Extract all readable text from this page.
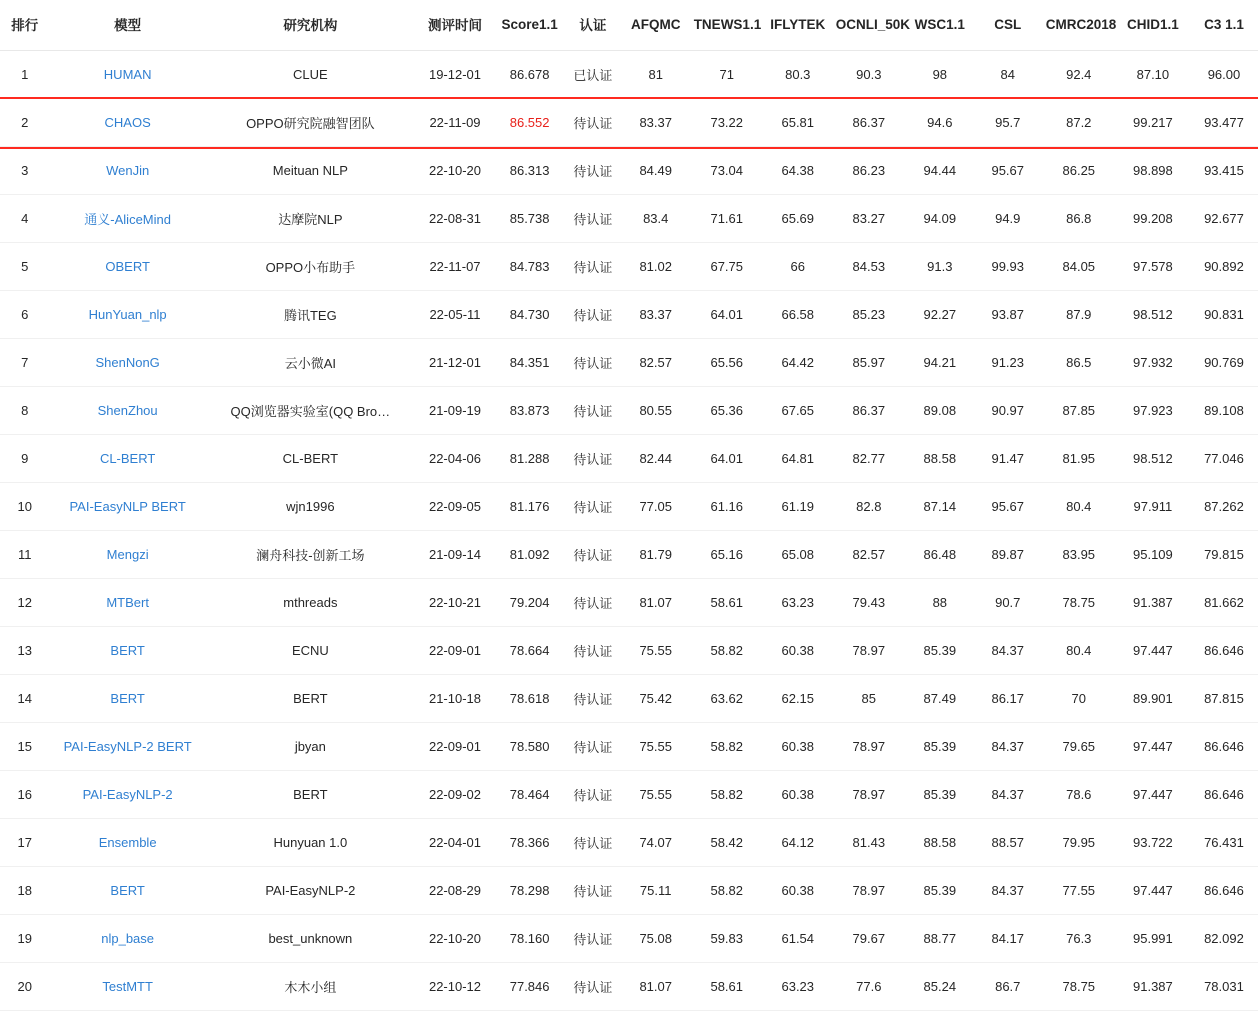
排行	模型	研究机构	测评时间	Score1.1	认证	AFQMC	TNEWS1.1	IFLYTEK	OCNLI_50K	WSC1.1	CSL	CMRC2018	CHID1.1	C3 1.1
1	HUMAN	CLUE	19-12-01	86.678	已认证	81	71	80.3	90.3	98	84	92.4	87.10	96.00
2	CHAOS	OPPO研究院融智团队	22-11-09	86.552	待认证	83.37	73.22	65.81	86.37	94.6	95.7	87.2	99.217	93.477
3	WenJin	Meituan NLP	22-10-20	86.313	待认证	84.49	73.04	64.38	86.23	94.44	95.67	86.25	98.898	93.415
4	通义-AliceMind	达摩院NLP	22-08-31	85.738	待认证	83.4	71.61	65.69	83.27	94.09	94.9	86.8	99.208	92.677
5	OBERT	OPPO小布助手	22-11-07	84.783	待认证	81.02	67.75	66	84.53	91.3	99.93	84.05	97.578	90.892
6	HunYuan_nlp	腾讯TEG	22-05-11	84.730	待认证	83.37	64.01	66.58	85.23	92.27	93.87	87.9	98.512	90.831
7	ShenNonG	云小微AI	21-12-01	84.351	待认证	82.57	65.56	64.42	85.97	94.21	91.23	86.5	97.932	90.769
8	ShenZhou	QQ浏览器实验室(QQ Bro…	21-09-19	83.873	待认证	80.55	65.36	67.65	86.37	89.08	90.97	87.85	97.923	89.108
9	CL-BERT	CL-BERT	22-04-06	81.288	待认证	82.44	64.01	64.81	82.77	88.58	91.47	81.95	98.512	77.046
10	PAI-EasyNLP BERT	wjn1996	22-09-05	81.176	待认证	77.05	61.16	61.19	82.8	87.14	95.67	80.4	97.911	87.262
11	Mengzi	澜舟科技-创新工场	21-09-14	81.092	待认证	81.79	65.16	65.08	82.57	86.48	89.87	83.95	95.109	79.815
12	MTBert	mthreads	22-10-21	79.204	待认证	81.07	58.61	63.23	79.43	88	90.7	78.75	91.387	81.662
13	BERT	ECNU	22-09-01	78.664	待认证	75.55	58.82	60.38	78.97	85.39	84.37	80.4	97.447	86.646
14	BERT	BERT	21-10-18	78.618	待认证	75.42	63.62	62.15	85	87.49	86.17	70	89.901	87.815
15	PAI-EasyNLP-2 BERT	jbyan	22-09-01	78.580	待认证	75.55	58.82	60.38	78.97	85.39	84.37	79.65	97.447	86.646
16	PAI-EasyNLP-2	BERT	22-09-02	78.464	待认证	75.55	58.82	60.38	78.97	85.39	84.37	78.6	97.447	86.646
17	Ensemble	Hunyuan 1.0	22-04-01	78.366	待认证	74.07	58.42	64.12	81.43	88.58	88.57	79.95	93.722	76.431
18	BERT	PAI-EasyNLP-2	22-08-29	78.298	待认证	75.11	58.82	60.38	78.97	85.39	84.37	77.55	97.447	86.646
19	nlp_base	best_unknown	22-10-20	78.160	待认证	75.08	59.83	61.54	79.67	88.77	84.17	76.3	95.991	82.092
20	TestMTT	木木小组	22-10-12	77.846	待认证	81.07	58.61	63.23	77.6	85.24	86.7	78.75	91.387	78.031
